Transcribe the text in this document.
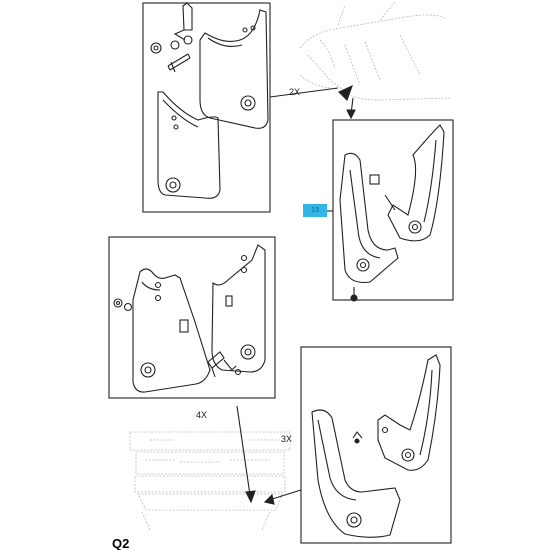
2X
4X
3X
13
Q2
